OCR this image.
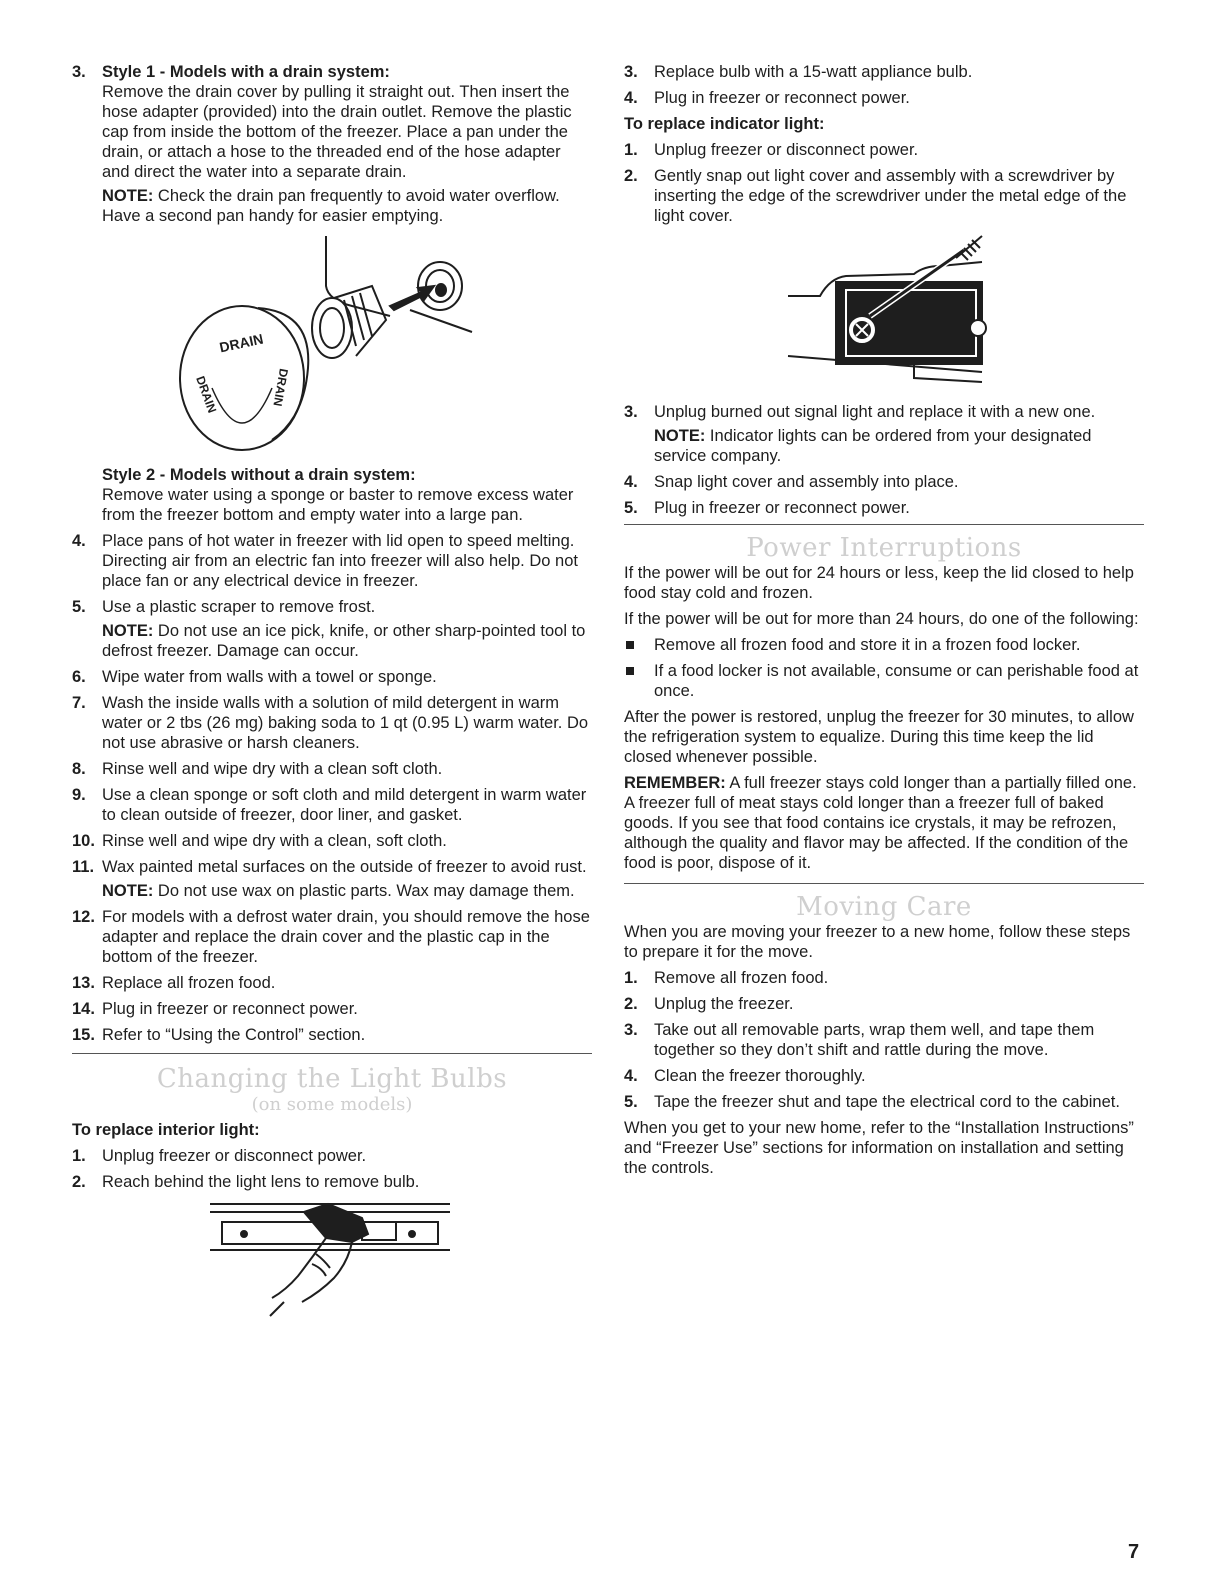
3. Style 1 - Models with a drain system:

Remove the drain cover by pulling it straight out. Then insert the hose adapter (provided) into the drain outlet. Remove the plastic cap from inside the bottom of the freezer. Place a pan under the drain, or attach a hose to the threaded end of the hose adapter and direct the water into a separate drain.

NOTE: Check the drain pan frequently to avoid water overflow. Have a second pan handy for easier emptying.

DRAIN
DRAIN	DRAIN

Style 2 - Models without a drain system:

Remove water using a sponge or baster to remove excess water from the freezer bottom and empty water into a large pan.

4. Place pans of hot water in freezer with lid open to speed melting. Directing air from an electric fan into freezer will also help. Do not place fan or any electrical device in freezer.

5. Use a plastic scraper to remove frost.

NOTE: Do not use an ice pick, knife, or other sharp-pointed tool to defrost freezer. Damage can occur.

6. Wipe water from walls with a towel or sponge.

7. Wash the inside walls with a solution of mild detergent in warm water or 2 tbs (26 mg) baking soda to 1 qt (0.95 L) warm water. Do not use abrasive or harsh cleaners.

8. Rinse well and wipe dry with a clean soft cloth.

9. Use a clean sponge or soft cloth and mild detergent in warm water to clean outside of freezer, door liner, and gasket.

10. Rinse well and wipe dry with a clean, soft cloth.

11. Wax painted metal surfaces on the outside of freezer to avoid rust.

NOTE: Do not use wax on plastic parts. Wax may damage them.

12. For models with a defrost water drain, you should remove the hose adapter and replace the drain cover and the plastic cap in the bottom of the freezer.

13. Replace all frozen food.

14. Plug in freezer or reconnect power.

15. Refer to “Using the Control” section.

Changing the Light Bulbs
(on some models)

To replace interior light:

1. Unplug freezer or disconnect power.

2. Reach behind the light lens to remove bulb.

3. Replace bulb with a 15-watt appliance bulb.

4. Plug in freezer or reconnect power.

To replace indicator light:

1. Unplug freezer or disconnect power.

2. Gently snap out light cover and assembly with a screwdriver by inserting the edge of the screwdriver under the metal edge of the light cover.

3. Unplug burned out signal light and replace it with a new one.

NOTE: Indicator lights can be ordered from your designated service company.

4. Snap light cover and assembly into place.

5. Plug in freezer or reconnect power.

Power Interruptions

If the power will be out for 24 hours or less, keep the lid closed to help food stay cold and frozen.

If the power will be out for more than 24 hours, do one of the following:

Remove all frozen food and store it in a frozen food locker.

If a food locker is not available, consume or can perishable food at once.

After the power is restored, unplug the freezer for 30 minutes, to allow the refrigeration system to equalize. During this time keep the lid closed whenever possible.

REMEMBER: A full freezer stays cold longer than a partially filled one. A freezer full of meat stays cold longer than a freezer full of baked goods. If you see that food contains ice crystals, it may be refrozen, although the quality and flavor may be affected. If the condition of the food is poor, dispose of it.

Moving Care

When you are moving your freezer to a new home, follow these steps to prepare it for the move.

1. Remove all frozen food.

2. Unplug the freezer.

3. Take out all removable parts, wrap them well, and tape them together so they don’t shift and rattle during the move.

4. Clean the freezer thoroughly.

5. Tape the freezer shut and tape the electrical cord to the cabinet.

When you get to your new home, refer to the “Installation Instructions” and “Freezer Use” sections for information on installation and setting the controls.

7
